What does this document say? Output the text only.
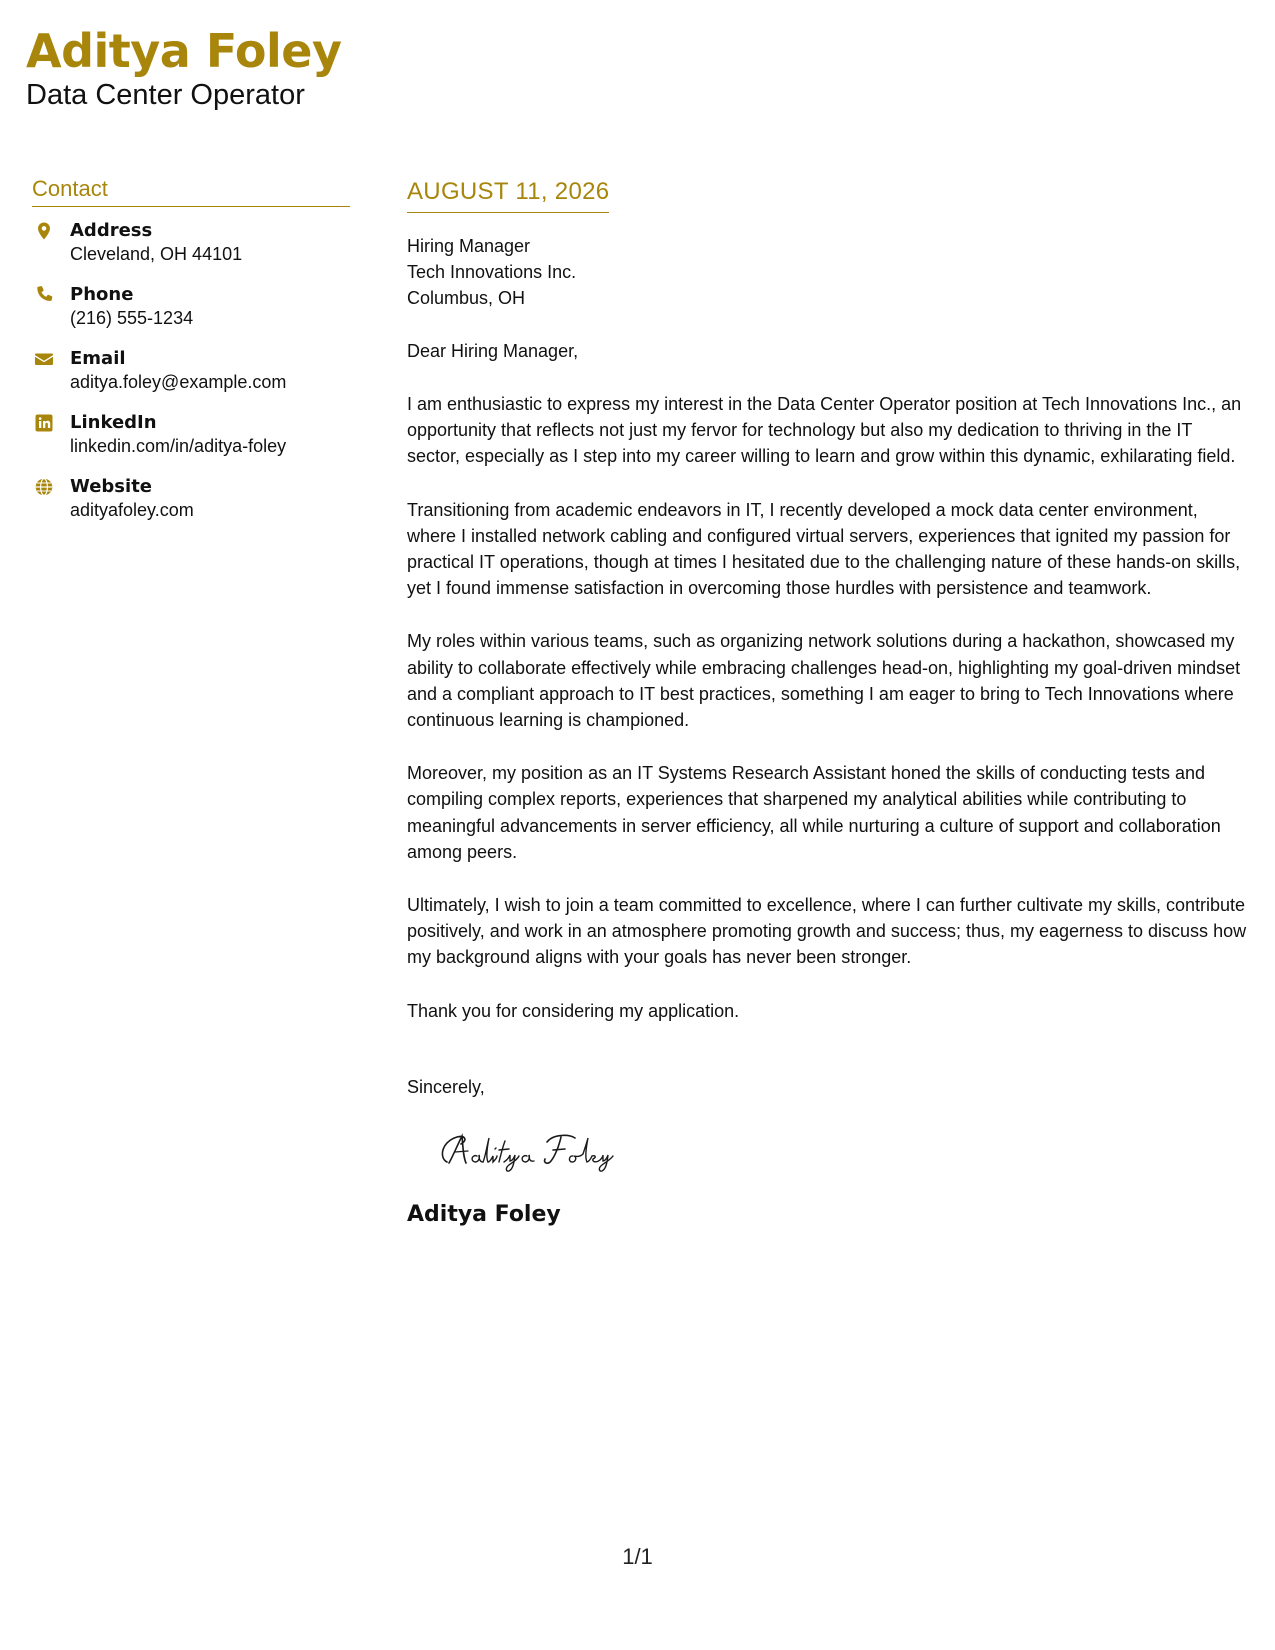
Aditya Foley
Data Center Operator
Contact
Address
Cleveland, OH 44101
Phone
(216) 555-1234
Email
aditya.foley@example.com
LinkedIn
linkedin.com/in/aditya-foley
Website
adityafoley.com
AUGUST 11, 2026
Hiring Manager
Tech Innovations Inc.
Columbus, OH
Dear Hiring Manager,
I am enthusiastic to express my interest in the Data Center Operator position at Tech Innovations Inc., an opportunity that reflects not just my fervor for technology but also my dedication to thriving in the IT sector, especially as I step into my career willing to learn and grow within this dynamic, exhilarating field.
Transitioning from academic endeavors in IT, I recently developed a mock data center environment, where I installed network cabling and configured virtual servers, experiences that ignited my passion for practical IT operations, though at times I hesitated due to the challenging nature of these hands-on skills, yet I found immense satisfaction in overcoming those hurdles with persistence and teamwork.
My roles within various teams, such as organizing network solutions during a hackathon, showcased my ability to collaborate effectively while embracing challenges head-on, highlighting my goal-driven mindset and a compliant approach to IT best practices, something I am eager to bring to Tech Innovations where continuous learning is championed.
Moreover, my position as an IT Systems Research Assistant honed the skills of conducting tests and compiling complex reports, experiences that sharpened my analytical abilities while contributing to meaningful advancements in server efficiency, all while nurturing a culture of support and collaboration among peers.
Ultimately, I wish to join a team committed to excellence, where I can further cultivate my skills, contribute positively, and work in an atmosphere promoting growth and success; thus, my eagerness to discuss how my background aligns with your goals has never been stronger.
Thank you for considering my application.
Sincerely,
Aditya Foley
1/1
